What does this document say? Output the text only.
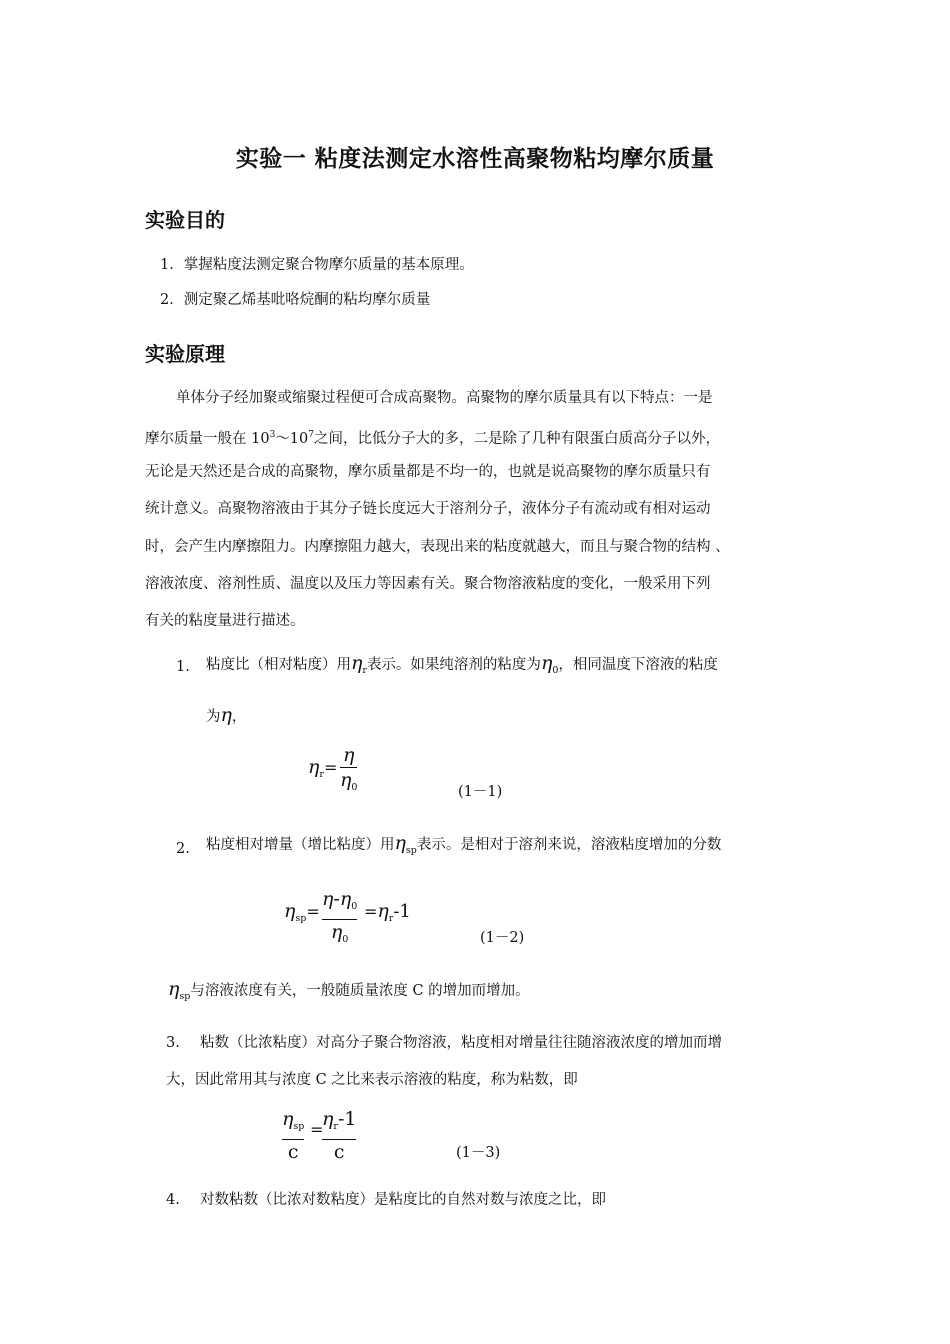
实验一 粘度法测定水溶性高聚物粘均摩尔质量
实验目的
1．掌握粘度法测定聚合物摩尔质量的基本原理。
2．测定聚乙烯基吡咯烷酮的粘均摩尔质量
实验原理
单体分子经加聚或缩聚过程便可合成高聚物。高聚物的摩尔质量具有以下特点：一是
摩尔质量一般在 $10^3\sim 10^7$之间，比低分子大的多，二是除了几种有限蛋白质高分子以外，
无论是天然还是合成的高聚物，摩尔质量都是不均一的，也就是说高聚物的摩尔质量只有
统计意义。高聚物溶液由于其分子链长度远大于溶剂分子，液体分子有流动或有相对运动
时，会产生内摩擦阻力。内摩擦阻力越大，表现出来的粘度就越大，而且与聚合物的结构 、
溶液浓度、溶剂性质、温度以及压力等因素有关。聚合物溶液粘度的变化，一般采用下列
有关的粘度量进行描述。
1. 粘度比（相对粘度）用$\eta_r$表示。如果纯溶剂的粘度为$\eta_0$，相同温度下溶液的粘度
为η，
$\eta_r=$
η
$\eta_0$	(1－1)
2. 粘度相对增量（增比粘度）用$\eta_{sp}$表示。是相对于溶剂来说，溶液粘度增加的分数
$\eta_{sp}=$
$\eta-\eta_0$
$\eta_0$
$=\eta_r-1$
(1－2)
$\eta_{sp}$与溶液浓度有关，一般随质量浓度 C 的增加而增加。
3. 粘数（比浓粘度）对高分子聚合物溶液，粘度相对增量往往随溶液浓度的增加而增
大，因此常用其与浓度 C 之比来表示溶液的粘度，称为粘数，即
$\eta_{sp}$
c
=
$\eta_r-1$
c	(1－3)
4. 对数粘数（比浓对数粘度）是粘度比的自然对数与浓度之比，即
